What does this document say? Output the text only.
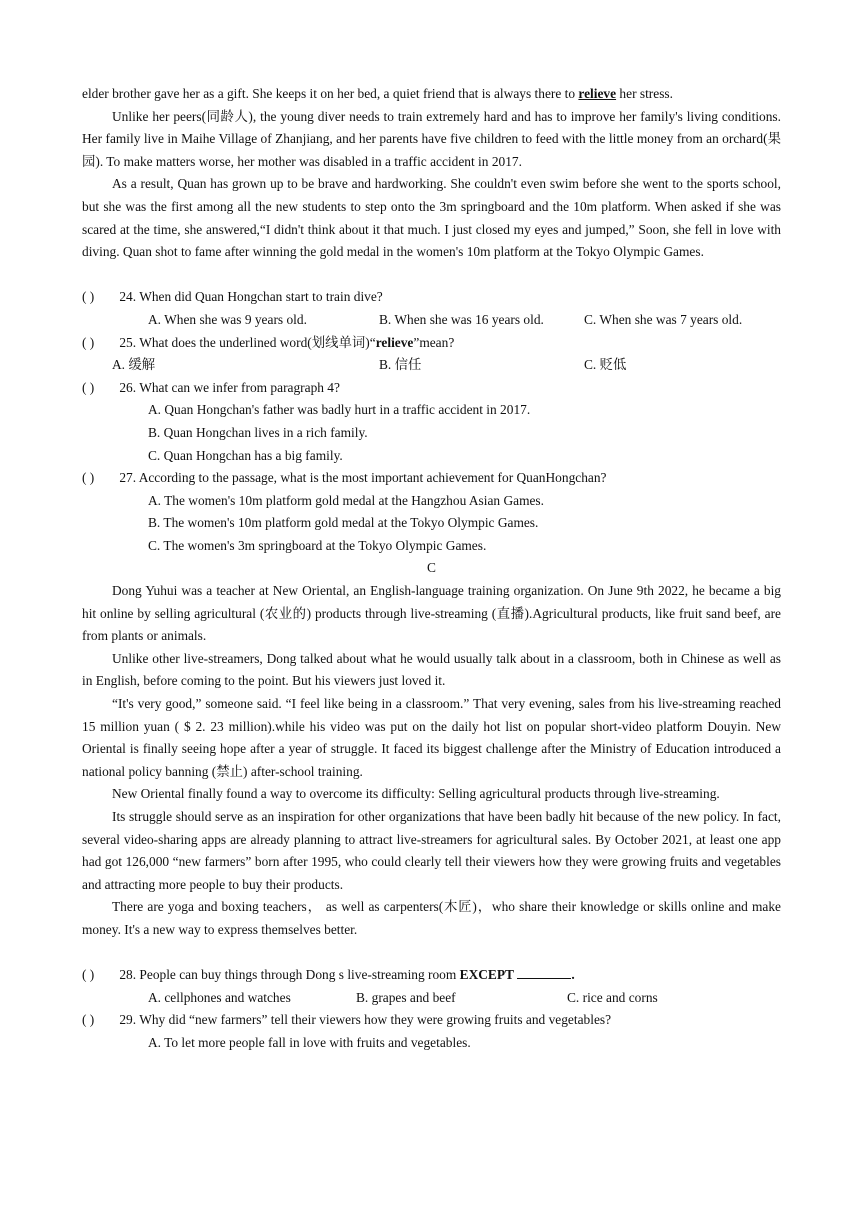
elder brother gave her as a gift. She keeps it on her bed, a quiet friend that is always there to relieve her stress.

Unlike her peers(同龄人), the young diver needs to train extremely hard and has to improve her family's living conditions. Her family live in Maihe Village of Zhanjiang, and her parents have five children to feed with the little money from an orchard(果园). To make matters worse, her mother was disabled in a traffic accident in 2017.

As a result, Quan has grown up to be brave and hardworking. She couldn't even swim before she went to the sports school, but she was the first among all the new students to step onto the 3m springboard and the 10m platform. When asked if she was scared at the time, she answered,“I didn't think about it that much. I just closed my eyes and jumped,” Soon, she fell in love with diving. Quan shot to fame after winning the gold medal in the women's 10m platform at the Tokyo Olympic Games.

( ) 24. When did Quan Hongchan start to train dive?

A. When she was 9 years old.	B. When she was 16 years old.	C. When she was 7 years old.

( ) 25. What does the underlined word(划线单词)“relieve”mean?

A. 缓解	B. 信任	C. 贬低

( ) 26. What can we infer from paragraph 4?

A. Quan Hongchan's father was badly hurt in a traffic accident in 2017.

B. Quan Hongchan lives in a rich family.

C. Quan Hongchan has a big family.

( ) 27. According to the passage, what is the most important achievement for QuanHongchan?

A. The women's 10m platform gold medal at the Hangzhou Asian Games.

B. The women's 10m platform gold medal at the Tokyo Olympic Games.

C. The women's 3m springboard at the Tokyo Olympic Games.

C

Dong Yuhui was a teacher at New Oriental, an English-language training organization. On June 9th 2022, he became a big hit online by selling agricultural (农业的) products through live-streaming (直播).Agricultural products, like fruit sand beef, are from plants or animals.

Unlike other live-streamers, Dong talked about what he would usually talk about in a classroom, both in Chinese as well as in English, before coming to the point. But his viewers just loved it.

“It's very good,” someone said. “I feel like being in a classroom.” That very evening, sales from his live-streaming reached 15 million yuan ( $ 2. 23 million).while his video was put on the daily hot list on popular short-video platform Douyin. New Oriental is finally seeing hope after a year of struggle. It faced its biggest challenge after the Ministry of Education introduced a national policy banning (禁止) after-school training.

New Oriental finally found a way to overcome its difficulty: Selling agricultural products through live-streaming.

Its struggle should serve as an inspiration for other organizations that have been badly hit because of the new policy. In fact, several video-sharing apps are already planning to attract live-streamers for agricultural sales. By October 2021, at least one app had got 126,000 “new farmers” born after 1995, who could clearly tell their viewers how they were growing fruits and vegetables and attracting more people to buy their products.

There are yoga and boxing teachers， as well as carpenters(木匠)，who share their knowledge or skills online and make money. It's a new way to express themselves better.

( ) 28. People can buy things through Dong s live-streaming room EXCEPT	.

A. cellphones and watches	B. grapes and beef	C. rice and corns

( ) 29. Why did “new farmers” tell their viewers how they were growing fruits and vegetables?

A. To let more people fall in love with fruits and vegetables.
